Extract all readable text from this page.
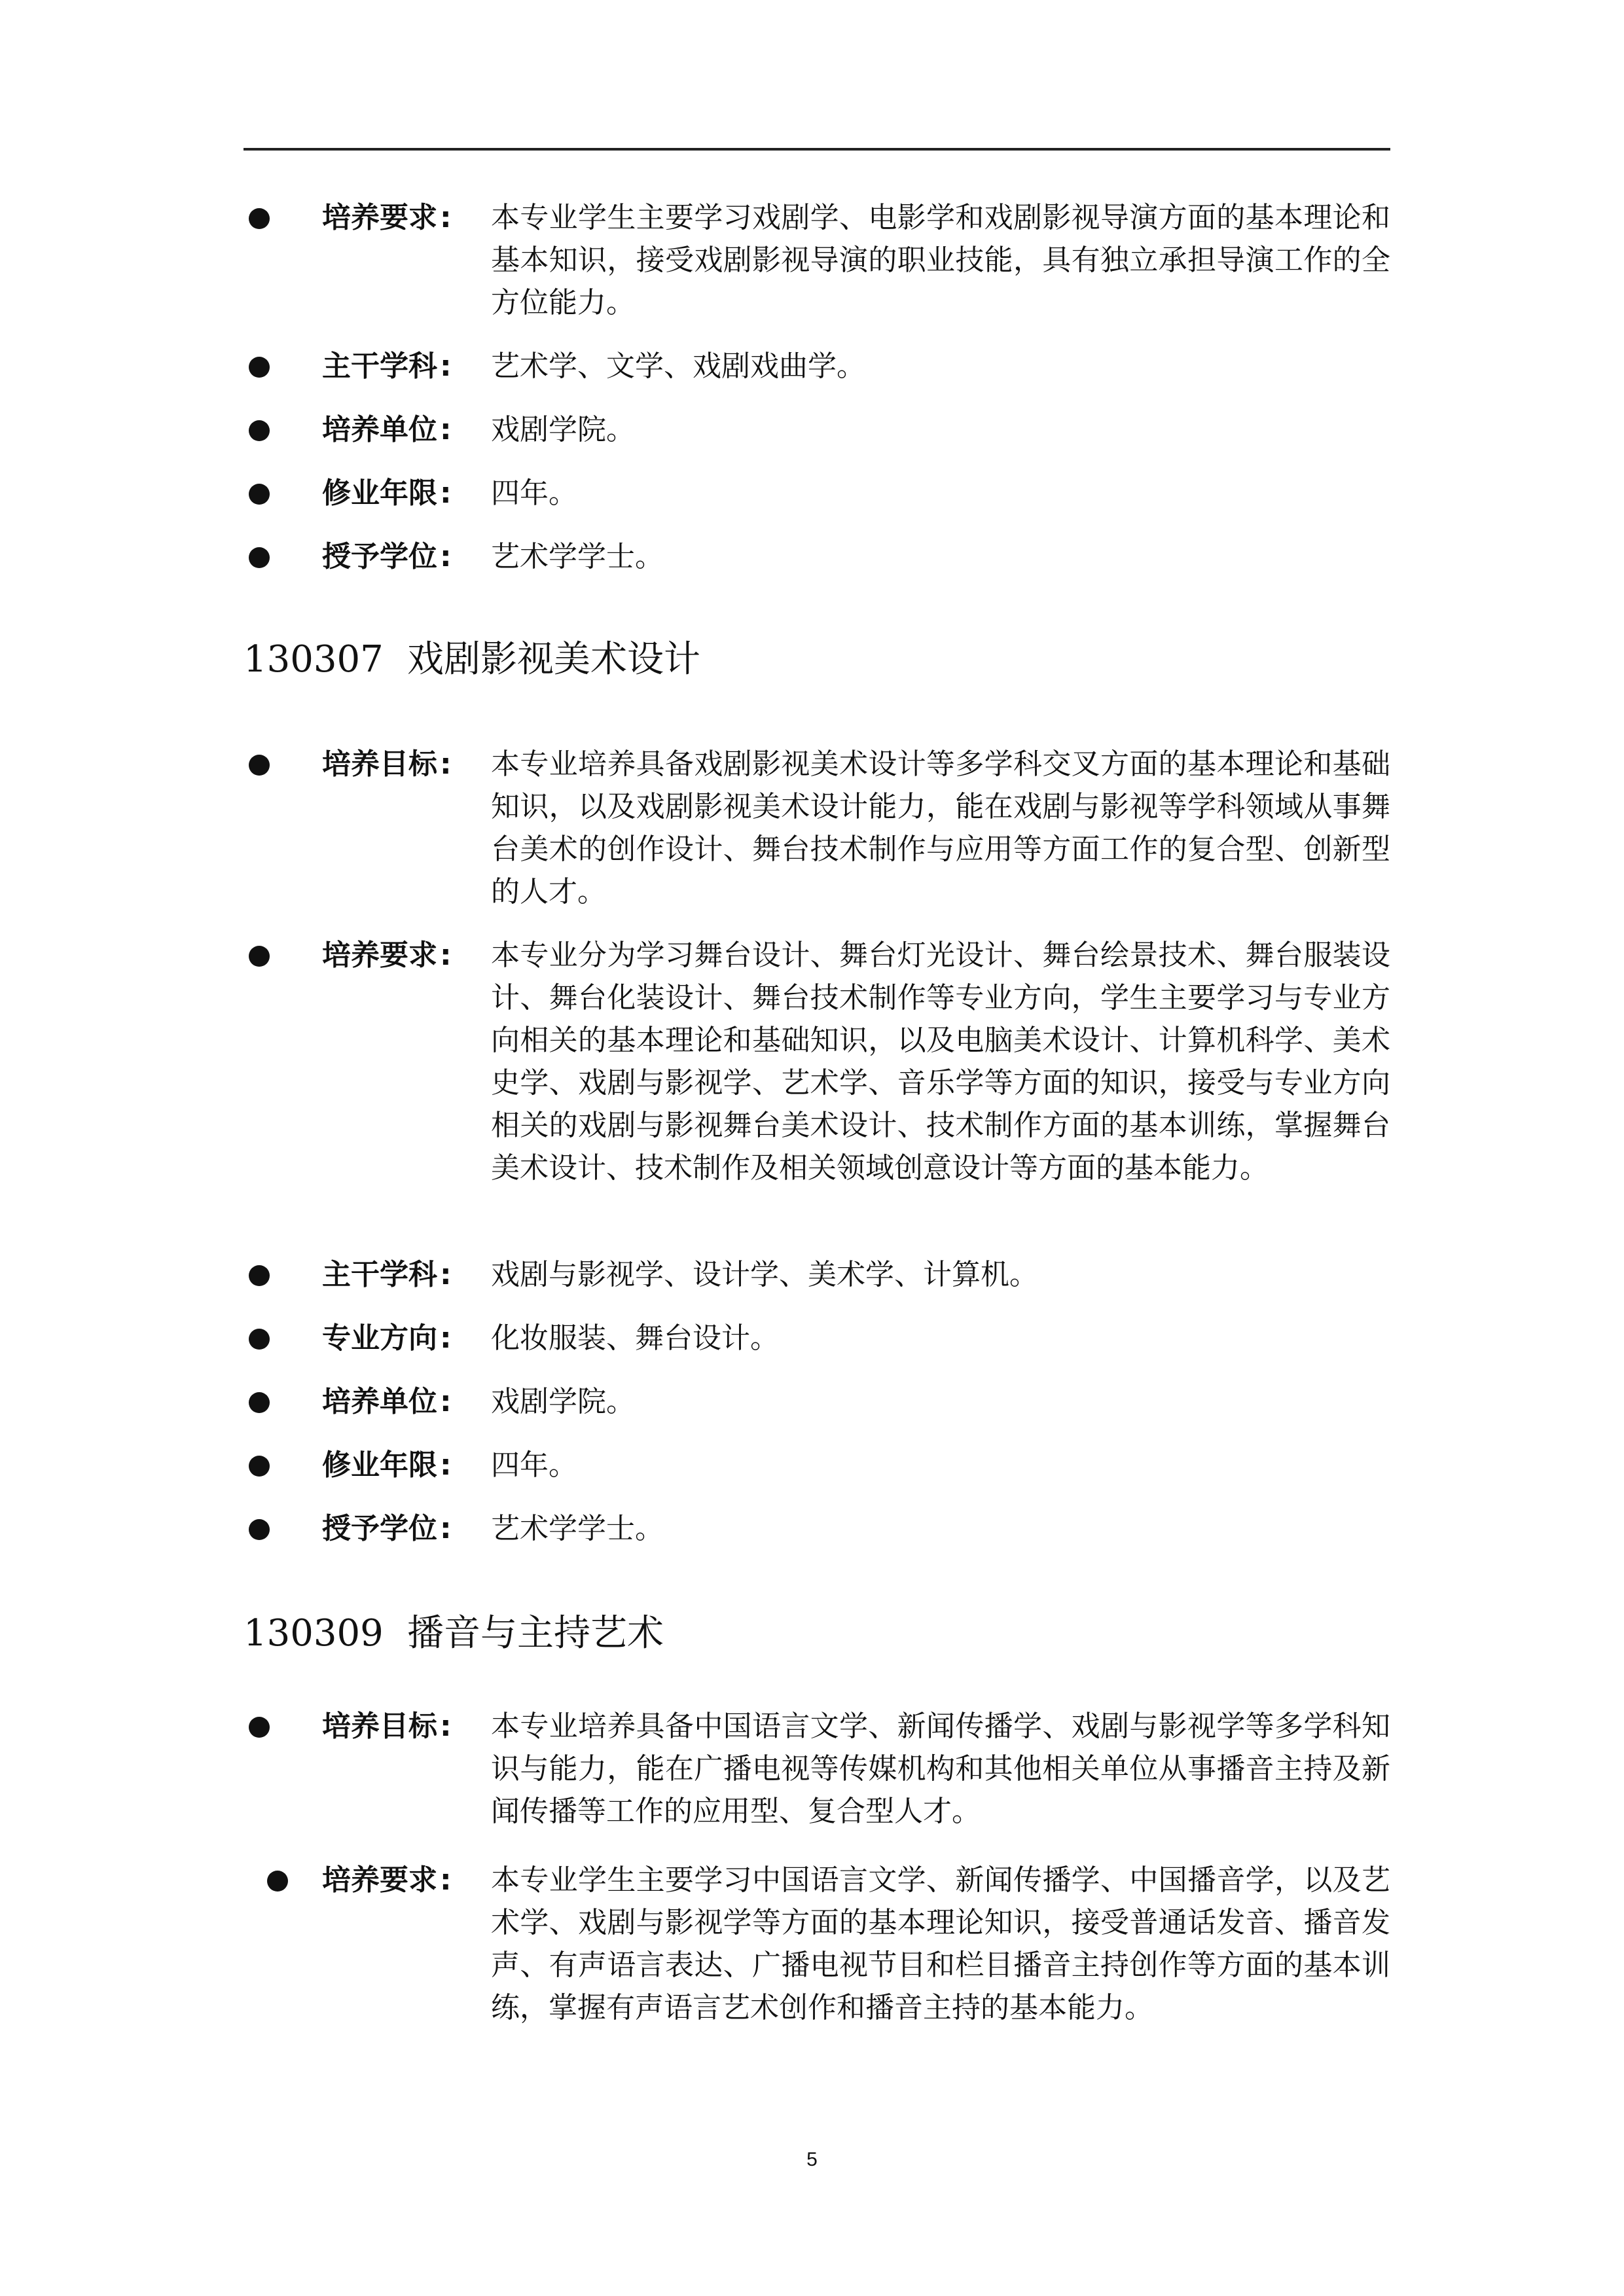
培养要求 : 本专业学生主要学习戏剧学、电影学和戏剧影视导演方面的基本理论和基本知识，接受戏剧影视导演的职业技能，具有独立承担导演工作的全方位能力。
主干学科 : 艺术学、文学、戏剧戏曲学。
培养单位 : 戏剧学院。
修业年限 : 四年。
授予学位 : 艺术学学士。
130307 戏剧影视美术设计
培养目标 : 本专业培养具备戏剧影视美术设计等多学科交叉方面的基本理论和基础知识，以及戏剧影视美术设计能力，能在戏剧与影视等学科领域从事舞台美术的创作设计、舞台技术制作与应用等方面工作的复合型、创新型的人才。
培养要求 : 本专业分为学习舞台设计、舞台灯光设计、舞台绘景技术、舞台服装设计、舞台化装设计、舞台技术制作等专业方向，学生主要学习与专业方向相关的基本理论和基础知识，以及电脑美术设计、计算机科学、美术史学、戏剧与影视学、艺术学、音乐学等方面的知识，接受与专业方向相关的戏剧与影视舞台美术设计、技术制作方面的基本训练，掌握舞台美术设计、技术制作及相关领域创意设计等方面的基本能力。
主干学科 : 戏剧与影视学、设计学、美术学、计算机。
专业方向 : 化妆服装、舞台设计。
培养单位 : 戏剧学院。
修业年限 : 四年。
授予学位 : 艺术学学士。
130309 播音与主持艺术
培养目标 : 本专业培养具备中国语言文学、新闻传播学、戏剧与影视学等多学科知识与能力，能在广播电视等传媒机构和其他相关单位从事播音主持及新闻传播等工作的应用型、复合型人才。
培养要求 : 本专业学生主要学习中国语言文学、新闻传播学、中国播音学，以及艺术学、戏剧与影视学等方面的基本理论知识，接受普通话发音、播音发声、有声语言表达、广播电视节目和栏目播音主持创作等方面的基本训练，掌握有声语言艺术创作和播音主持的基本能力。
5
